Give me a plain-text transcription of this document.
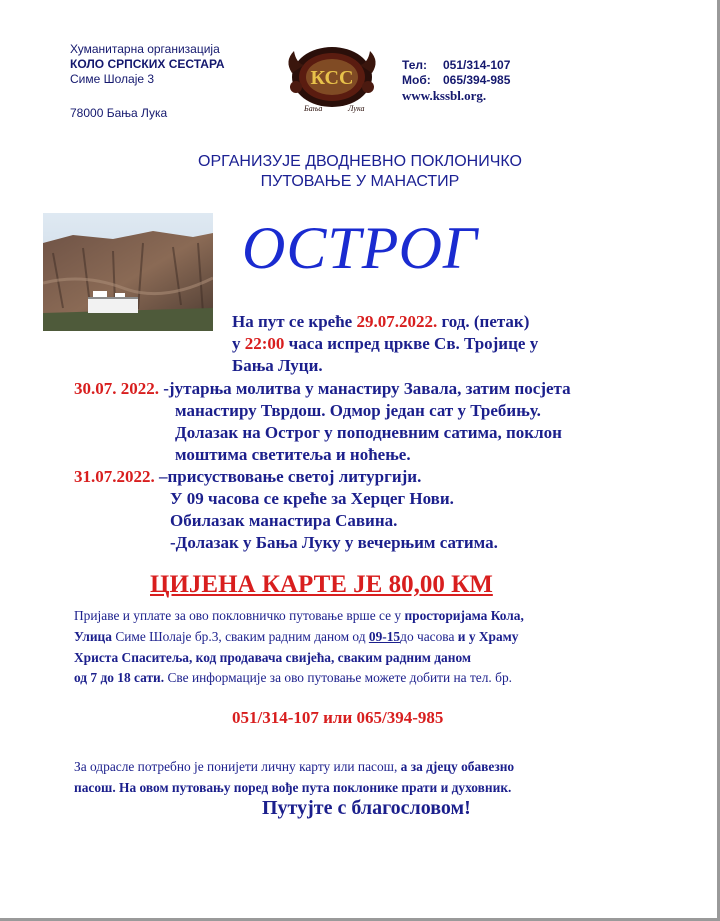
Хуманитарна организација
КОЛО СРПСКИХ СЕСТАРА
Симе Шолаје 3
78000 Бања Лука
КСС
Бања	Лука
Тел: 051/314-107
Моб: 065/394-985
www.kssbl.org.
ОРГАНИЗУЈЕ ДВОДНЕВНО ПОКЛОНИЧКО
ПУТОВАЊЕ У МАНАСТИР
ОСТРОГ
На пут се креће 29.07.2022. год. (петак)
у 22:00 часа испред цркве Св. Тројице у
Бања Луци.
30.07. 2022. -јутарња молитва у манастиру Завала, затим посјета
манастиру Тврдош. Одмор један сат у Требињу.
Долазак на Острог у поподневним сатима, поклон
моштима светитеља и ноћење.
31.07.2022. –присуствовање светој литургији.
У 09 часова се креће за Херцег Нови.
Обилазак манастира Савина.
-Долазак у Бања Луку у вечерњим сатима.
ЦИЈЕНА КАРТЕ ЈЕ 80,00 КМ
Пријаве и уплате за ово покловничко путовање врше се у просторијама Кола,
Улица Симе Шолаје бр.3, сваким радним даном од 09-15до часова и у Храму
Христа Спаситеља, код продавача свијећа, сваким радним даном
од 7 до 18 сати. Све информације за ово путовање можете добити на тел. бр.
051/314-107 или 065/394-985
За одрасле потребно је понијети личну карту или пасош, а за дјецу обавезно
пасош. На овом путовању поред вође пута поклонике прати и духовник.
Путујте с благословом!
